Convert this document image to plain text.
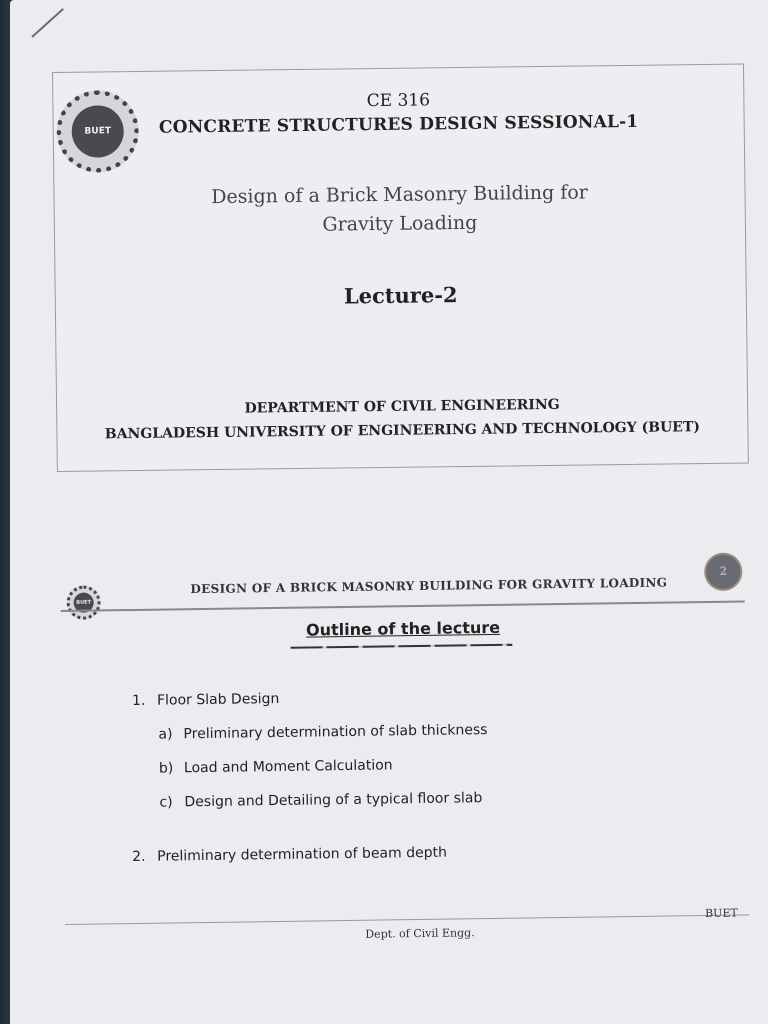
BUET
CE 316
CONCRETE STRUCTURES DESIGN SESSIONAL-1
Design of a Brick Masonry Building for
Gravity Loading
Lecture-2
DEPARTMENT OF CIVIL ENGINEERING
BANGLADESH UNIVERSITY OF ENGINEERING AND TECHNOLOGY (BUET)
BUET
DESIGN OF A BRICK MASONRY BUILDING FOR GRAVITY LOADING
2
Outline of the lecture
1. Floor Slab Design
a) Preliminary determination of slab thickness
b) Load and Moment Calculation
c) Design and Detailing of a typical floor slab
2. Preliminary determination of beam depth
Dept. of Civil Engg.
BUET
